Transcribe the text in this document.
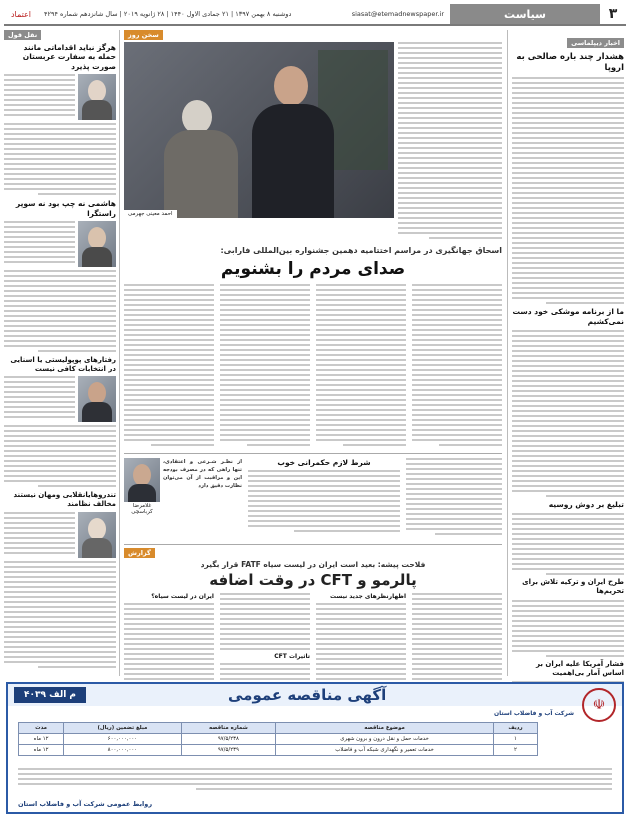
۳
سیاست
siasat@etemadnewspaper.ir
دوشنبه ۸ بهمن ۱۳۹۷ | ۲۱ جمادی الاول ۱۴۴۰ | ۲۸ ژانویه ۲۰۱۹ | سال شانزدهم شماره ۴۲۹۴
اعتماد
اخبار دیپلماسی
هشدار چند باره صالحی به اروپا
ما از برنامه موشکی خود دست نمی‌کشیم
تبلیغ بر دوش روسیه
طرح ایران و ترکیه تلاش برای تحریم‌ها
فشار آمریکا علیه ایران بر اساس آمار بی‌اهمیت
سخن روز
احمد معینی جهرمی
اسحاق جهانگیری در مراسم اختتامیه دهمین جشنواره بین‌المللی فارابی:
صدای مردم را بشنویم
شرط لازم حکمرانی خوب
از نظـر شـرعی و اعتقادی، تنها راهی که در مصرف بودجه این و مراقبت از آن می‌توان نظارت دقیق دارد
غلامرضا کرباسچی
گزارش
فلاحت پیشه: بعید است ایران در لیست سیاه FATF قرار بگیرد
پالرمو و CFT در وقت اضافه
اظهارنظرهای جدید نیست
تاثیرات CFT
ایران در لیست سیاه؟
نقل قول
هرگز نباید اقداماتی مانند حمله به سفارت عربستان صورت پذیرد
هاشمی نه چپ بود نه سوپر راستگرا
رفتارهای پوپولیستی یا اسنایی در انتخابات کافی نیست
تندروهایانقلابی ومهان نیستند مخالف نظامند
م الف ۴۰۳۹	آگهی مناقصه عمومی
☫
شرکت آب و فاضلاب استان
ردیف	موضوع مناقصه	شماره مناقصه	مبلغ تضمین (ریال)	مدت
۱	خدمات حمل و نقل درون و برون شهری	۹۷/۵/۲۳۸	۶۰۰,۰۰۰,۰۰۰	۱۲ ماه
۲	خدمات تعمیر و نگهداری شبکه آب و فاضلاب	۹۷/۵/۲۳۹	۸۰۰,۰۰۰,۰۰۰	۱۲ ماه
روابط عمومی شرکت آب و فاضلاب استان
